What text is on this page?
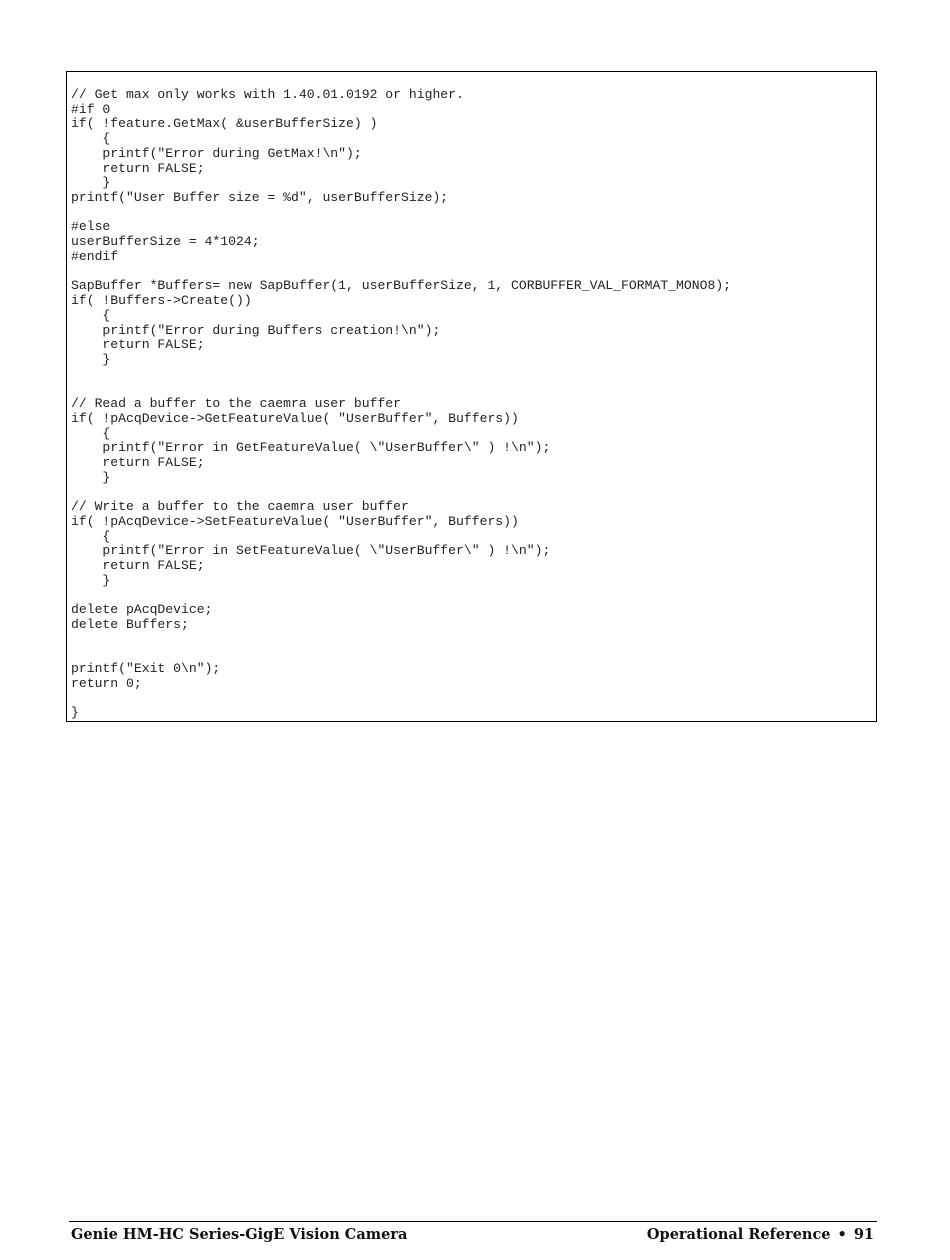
// Get max only works with 1.40.01.0192 or higher.
#if 0
if( !feature.GetMax( &userBufferSize) )
{
printf("Error during GetMax!\n");
return FALSE;
}
printf("User Buffer size = %d", userBufferSize);
#else
userBufferSize = 4*1024;
#endif
SapBuffer *Buffers= new SapBuffer(1, userBufferSize, 1, CORBUFFER_VAL_FORMAT_MONO8);
if( !Buffers->Create())
{
printf("Error during Buffers creation!\n");
return FALSE;
}
// Read a buffer to the caemra user buffer
if( !pAcqDevice->GetFeatureValue( "UserBuffer", Buffers))
{
printf("Error in GetFeatureValue( \"UserBuffer\" ) !\n");
return FALSE;
}
// Write a buffer to the caemra user buffer
if( !pAcqDevice->SetFeatureValue( "UserBuffer", Buffers))
{
printf("Error in SetFeatureValue( \"UserBuffer\" ) !\n");
return FALSE;
}
delete pAcqDevice;
delete Buffers;
printf("Exit 0\n");
return 0;
}
Genie HM-HC Series-GigE Vision Camera	Operational Reference • 91
